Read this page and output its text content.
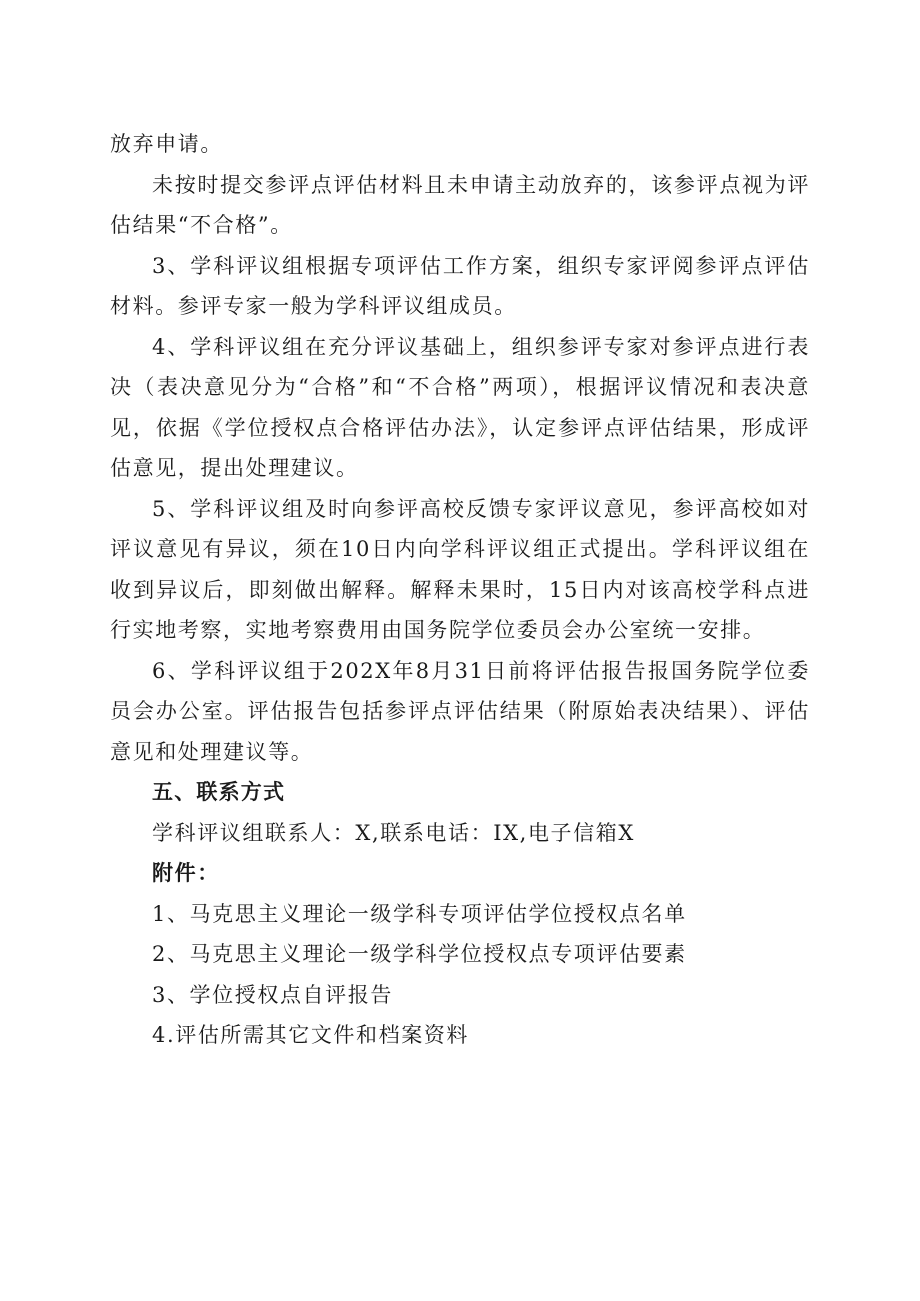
放弃申请。

未按时提交参评点评估材料且未申请主动放弃的，该参评点视为评估结果“不合格”。

3、学科评议组根据专项评估工作方案，组织专家评阅参评点评估材料。参评专家一般为学科评议组成员。

4、学科评议组在充分评议基础上，组织参评专家对参评点进行表决（表决意见分为“合格”和“不合格”两项），根据评议情况和表决意见，依据《学位授权点合格评估办法》，认定参评点评估结果，形成评估意见，提出处理建议。

5、学科评议组及时向参评高校反馈专家评议意见，参评高校如对评议意见有异议，须在10日内向学科评议组正式提出。学科评议组在收到异议后，即刻做出解释。解释未果时，15日内对该高校学科点进行实地考察，实地考察费用由国务院学位委员会办公室统一安排。

6、学科评议组于202X年8月31日前将评估报告报国务院学位委员会办公室。评估报告包括参评点评估结果（附原始表决结果）、评估意见和处理建议等。

五、联系方式

学科评议组联系人：X,联系电话：IX,电子信箱X

附件：

1、马克思主义理论一级学科专项评估学位授权点名单

2、马克思主义理论一级学科学位授权点专项评估要素

3、学位授权点自评报告

4.评估所需其它文件和档案资料
